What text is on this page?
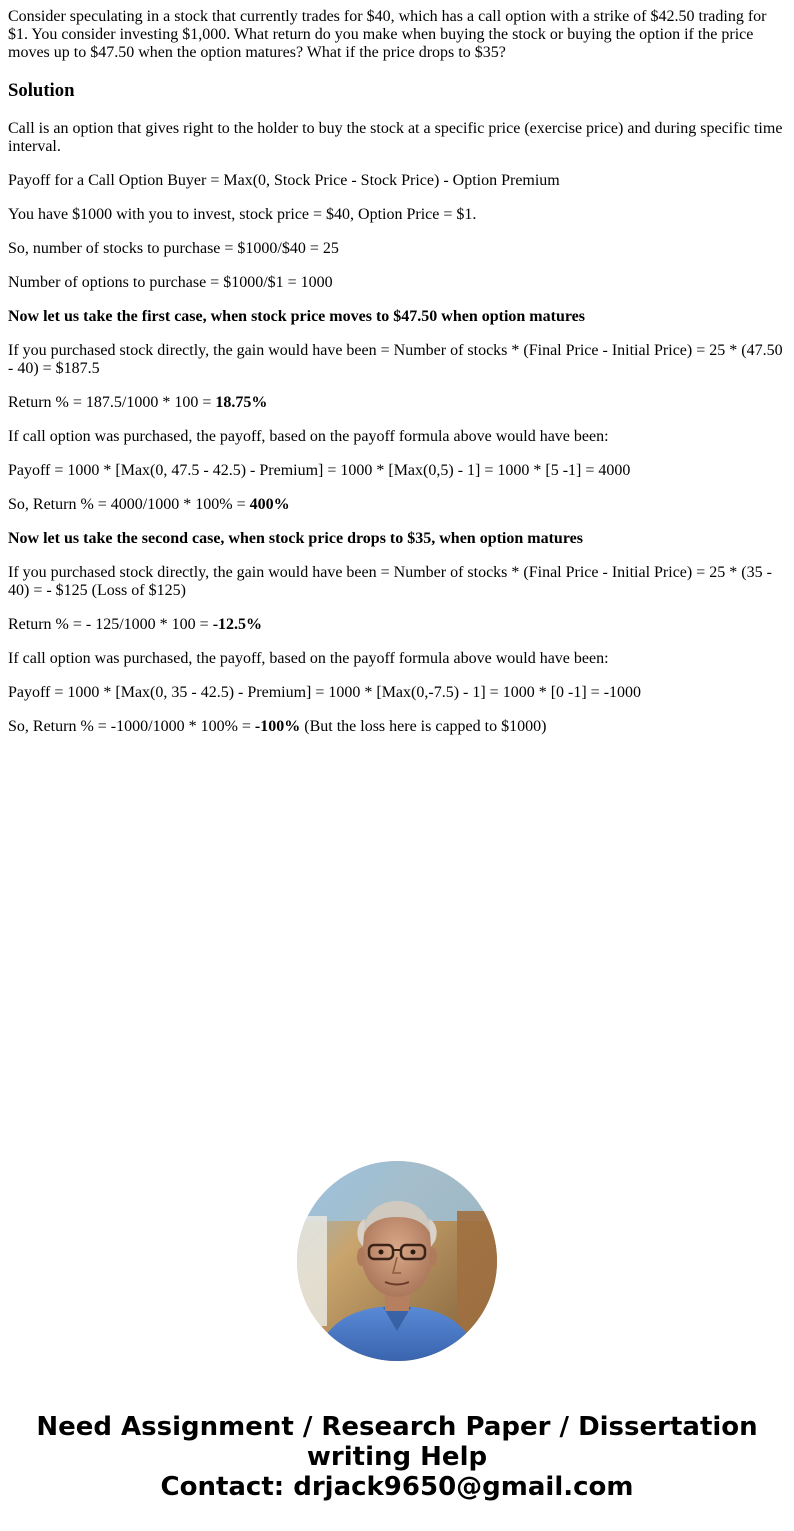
Consider speculating in a stock that currently trades for $40, which has a call option with a strike of $42.50 trading for $1. You consider investing $1,000. What return do you make when buying the stock or buying the option if the price moves up to $47.50 when the option matures? What if the price drops to $35?

Solution

Call is an option that gives right to the holder to buy the stock at a specific price (exercise price) and during specific time interval.

Payoff for a Call Option Buyer = Max(0, Stock Price - Stock Price) - Option Premium

You have $1000 with you to invest, stock price = $40, Option Price = $1.

So, number of stocks to purchase = $1000/$40 = 25

Number of options to purchase = $1000/$1 = 1000

Now let us take the first case, when stock price moves to $47.50 when option matures

If you purchased stock directly, the gain would have been = Number of stocks * (Final Price - Initial Price) = 25 * (47.50 - 40) = $187.5

Return % = 187.5/1000 * 100 = 18.75%

If call option was purchased, the payoff, based on the payoff formula above would have been:

Payoff = 1000 * [Max(0, 47.5 - 42.5) - Premium] = 1000 * [Max(0,5) - 1] = 1000 * [5 -1] = 4000

So, Return % = 4000/1000 * 100% = 400%

Now let us take the second case, when stock price drops to $35, when option matures

If you purchased stock directly, the gain would have been = Number of stocks * (Final Price - Initial Price) = 25 * (35 - 40) = - $125 (Loss of $125)

Return % = - 125/1000 * 100 = -12.5%

If call option was purchased, the payoff, based on the payoff formula above would have been:

Payoff = 1000 * [Max(0, 35 - 42.5) - Premium] = 1000 * [Max(0,-7.5) - 1] = 1000 * [0 -1] = -1000

So, Return % = -1000/1000 * 100% = -100% (But the loss here is capped to $1000)

Need Assignment / Research Paper / Dissertation
writing Help
Contact: drjack9650@gmail.com
